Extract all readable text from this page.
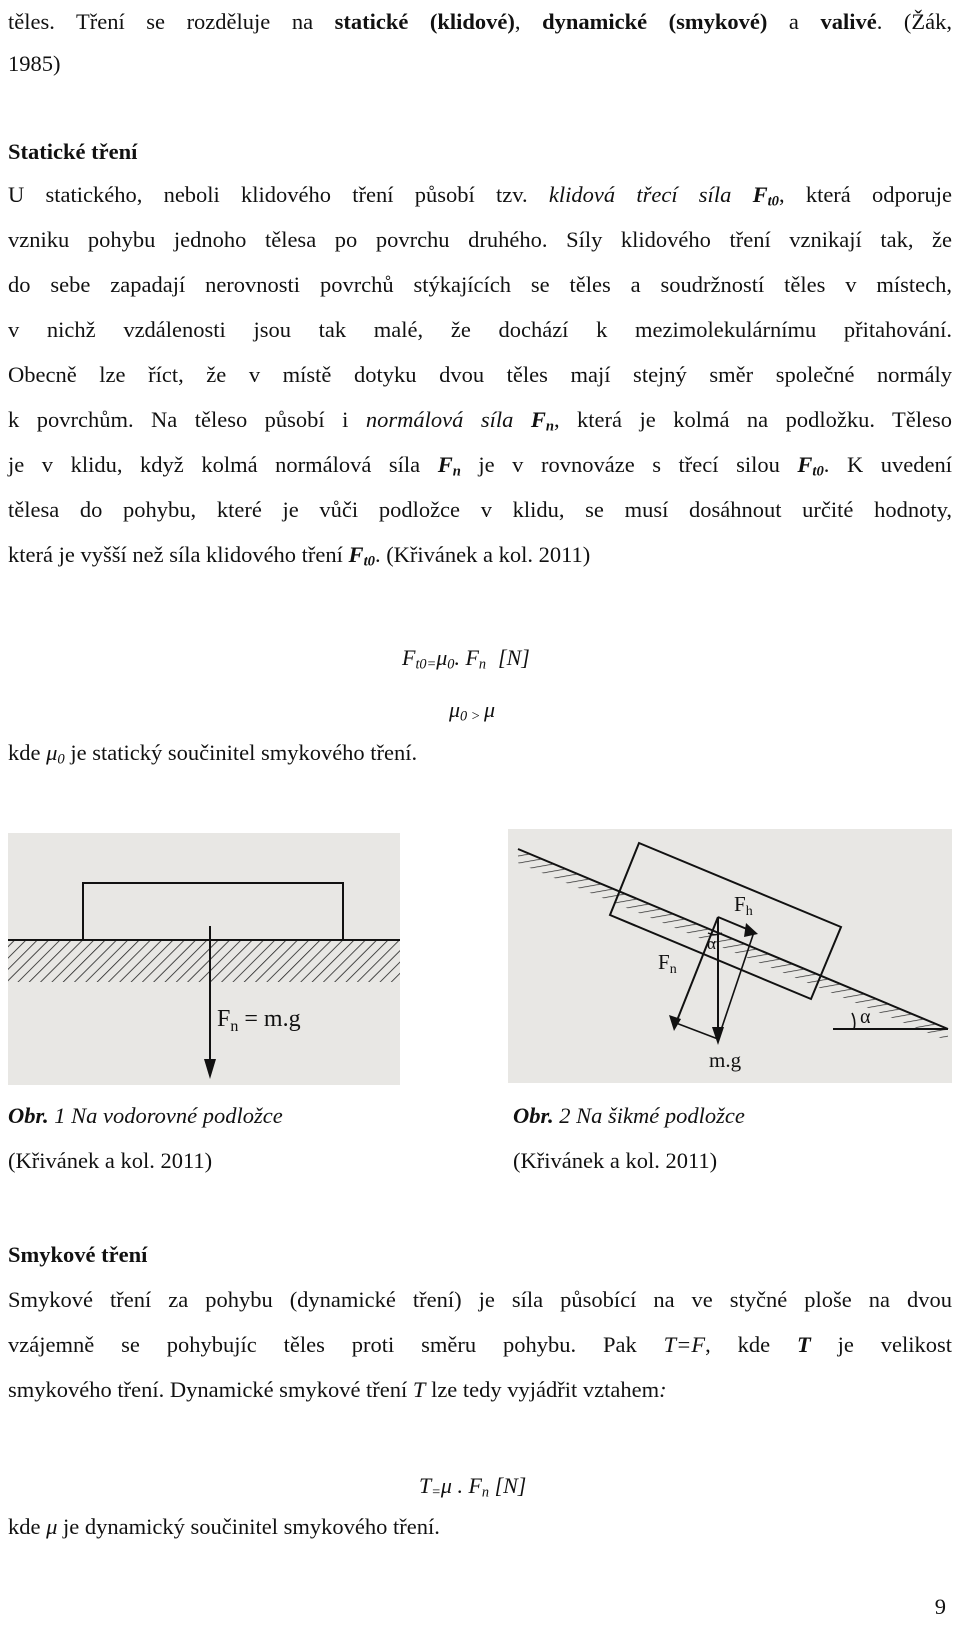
těles. Tření se rozděluje na statické (klidové), dynamické (smykové) a valivé. (Žák,
1985)
Statické tření
U statického, neboli klidového tření působí tzv. klidová třecí síla $F_{t0}$, která odporuje
vzniku pohybu jednoho tělesa po povrchu druhého. Síly klidového tření vznikají tak, že
do sebe zapadají nerovnosti povrchů stýkajících se těles a soudržností těles v místech,
v nichž vzdálenosti jsou tak malé, že dochází k mezimolekulárnímu přitahování.
Obecně lze říct, že v místě dotyku dvou těles mají stejný směr společné normály
k povrchům. Na těleso působí i normálová síla $F_n$, která je kolmá na podložku. Těleso
je v klidu, když kolmá normálová síla $F_n$ je v rovnováze s třecí silou $F_{t0}$. K uvedení
tělesa do pohybu, které je vůči podložce v klidu, se musí dosáhnout určité hodnoty,
která je vyšší než síla klidového tření $F_{t0}$. (Křivánek a kol. 2011)
$F_{t0=}\mu_0$. $F_n$ [N]
$\mu_0$ $_>$ μ
kde $\mu_0$ je statický součinitel smykového tření.
$F_n = m.g$	α
α
Fh
Fn
m.g
Obr. 1 Na vodorovné podložce
(Křivánek a kol. 2011)
Obr. 2 Na šikmé podložce
(Křivánek a kol. 2011)
Smykové tření
Smykové tření za pohybu (dynamické tření) je síla působící na ve styčné ploše na dvou
vzájemně se pohybujíc těles proti směru pohybu. Pak T=F, kde T je velikost
smykového tření. Dynamické smykové tření T lze tedy vyjádřit vztahem:
$T_=\mu$ . $F_n$ [N]
kde μ je dynamický součinitel smykového tření.
9
